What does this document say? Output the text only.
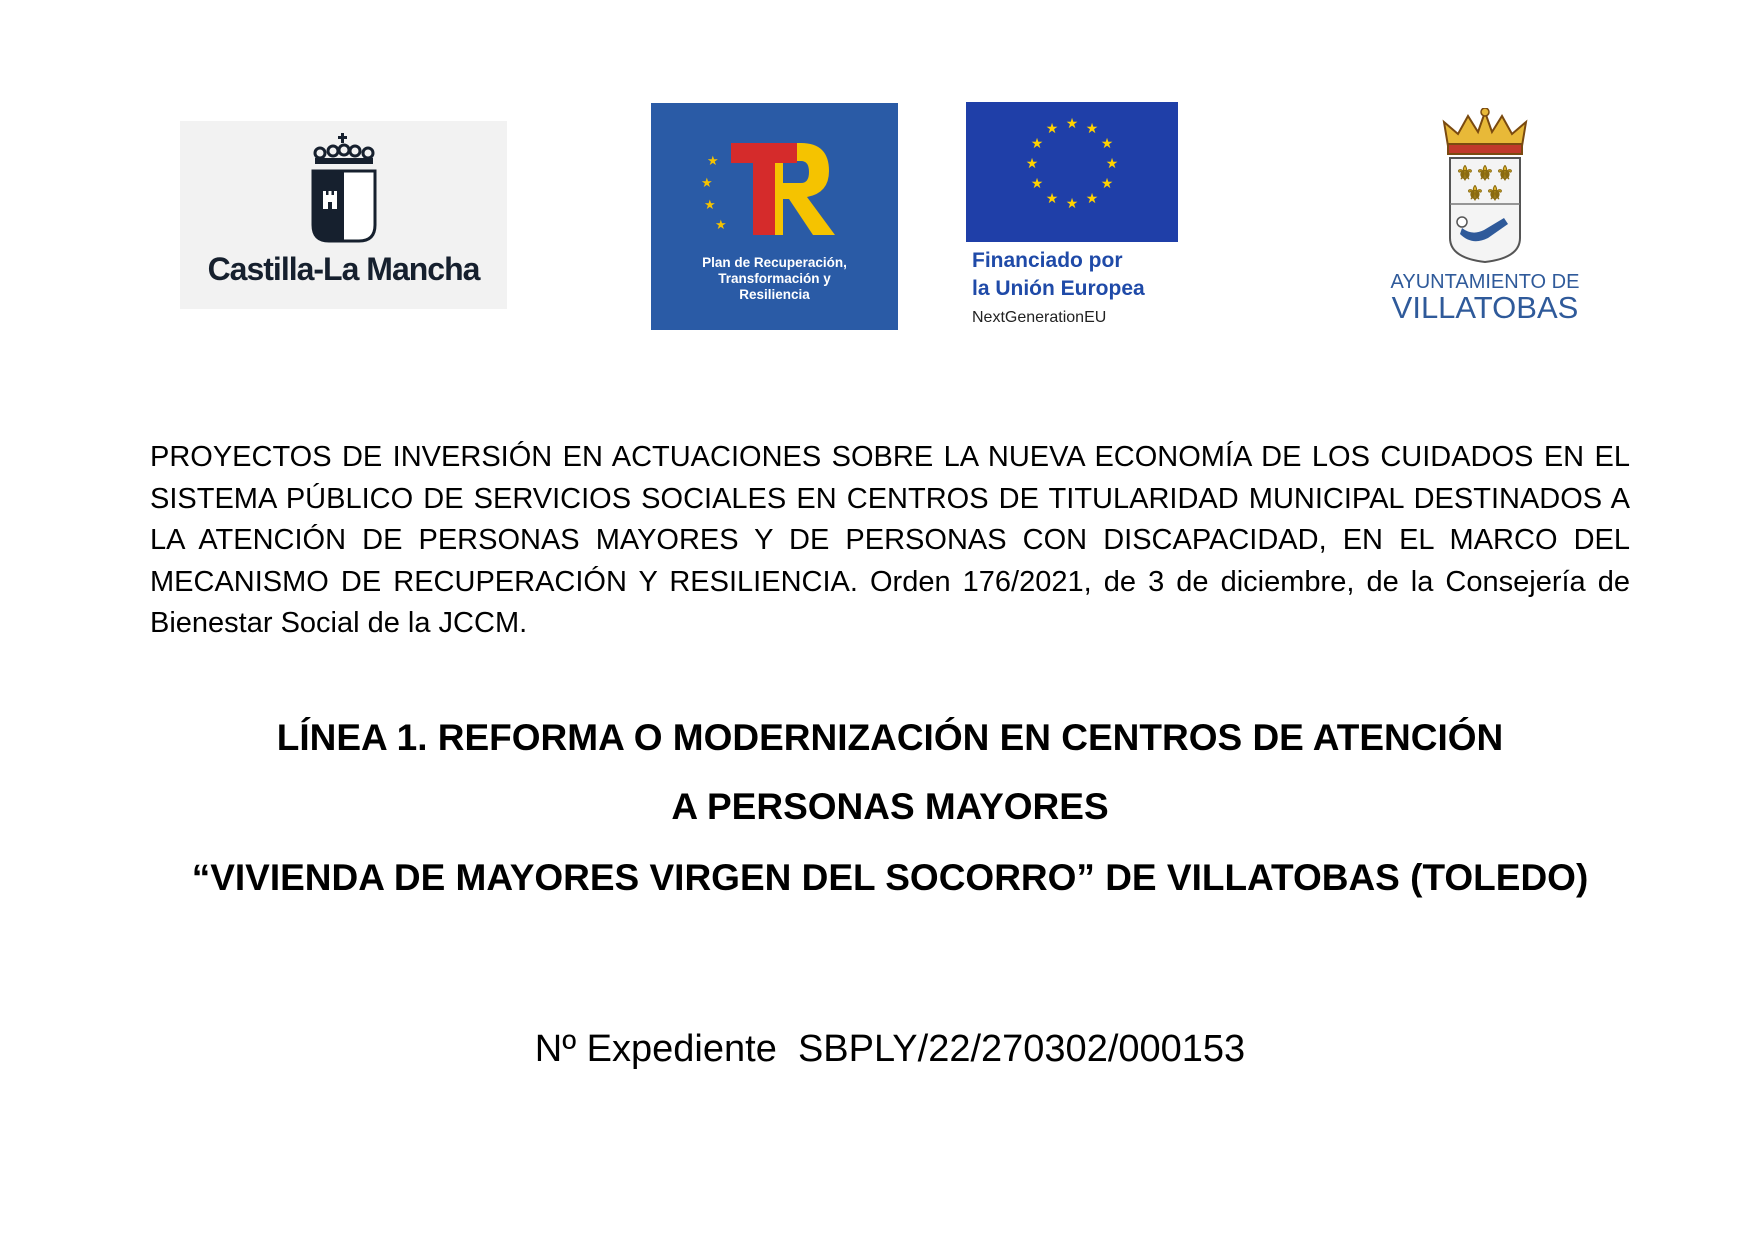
Castilla-La Mancha
★
★
★
★
Plan de Recuperación,
Transformación y
Resiliencia
★ ★
★
★
★
★
★
★
★
★
★
★
Financiado por
la Unión Europea
NextGenerationEU
⚜ ⚜ ⚜
⚜ ⚜
AYUNTAMIENTO DE
VILLATOBAS

PROYECTOS DE INVERSIÓN EN ACTUACIONES SOBRE LA NUEVA ECONOMÍA DE LOS CUIDADOS EN EL SISTEMA PÚBLICO DE SERVICIOS SOCIALES EN CENTROS DE TITULARIDAD MUNICIPAL DESTINADOS A LA ATENCIÓN DE PERSONAS MAYORES Y DE PERSONAS CON DISCAPACIDAD, EN EL MARCO DEL MECANISMO DE RECUPERACIÓN Y RESILIENCIA. Orden 176/2021, de 3 de diciembre, de la Consejería de Bienestar Social de la JCCM.

LÍNEA 1. REFORMA O MODERNIZACIÓN EN CENTROS DE ATENCIÓN
A PERSONAS MAYORES
“VIVIENDA DE MAYORES VIRGEN DEL SOCORRO” DE VILLATOBAS (TOLEDO)

Nº Expediente  SBPLY/22/270302/000153
